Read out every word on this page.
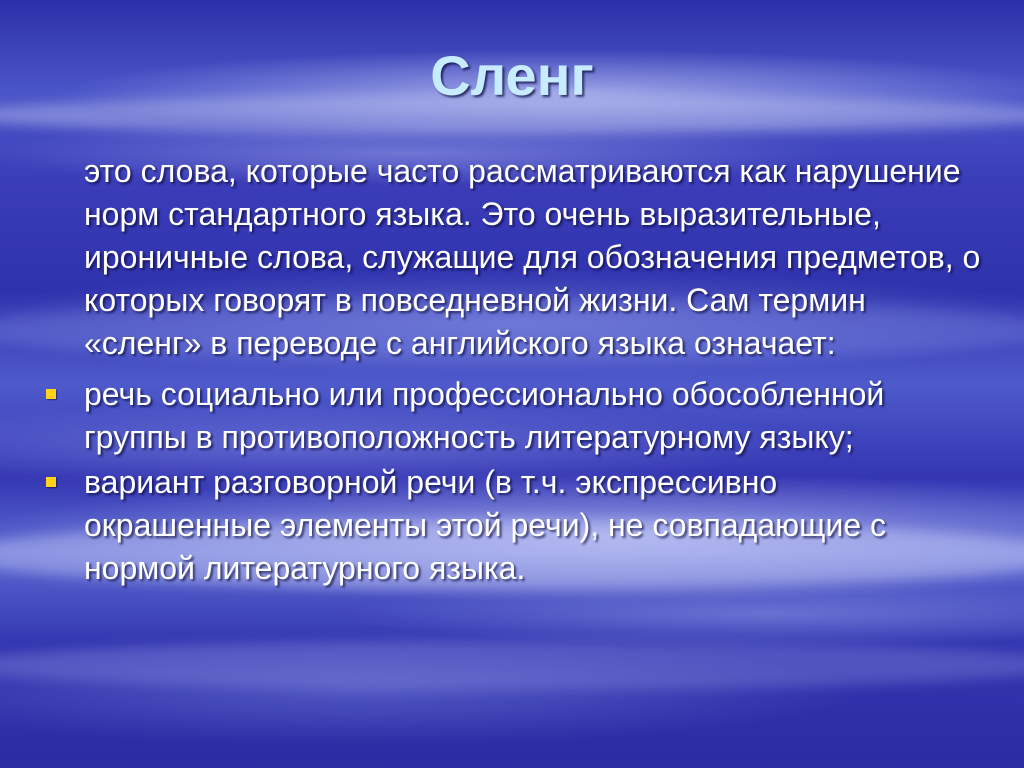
Сленг

это слова, которые часто рассматриваются как нарушение норм стандартного языка. Это очень выразительные, ироничные слова, служащие для обозначения предметов, о которых говорят в повседневной жизни. Сам термин «сленг» в переводе с английского языка означает:

речь социально или профессионально обособленной группы в противоположность литературному языку;
вариант разговорной речи (в т.ч. экспрессивно окрашенные элементы этой речи), не совпадающие с нормой литературного языка.
